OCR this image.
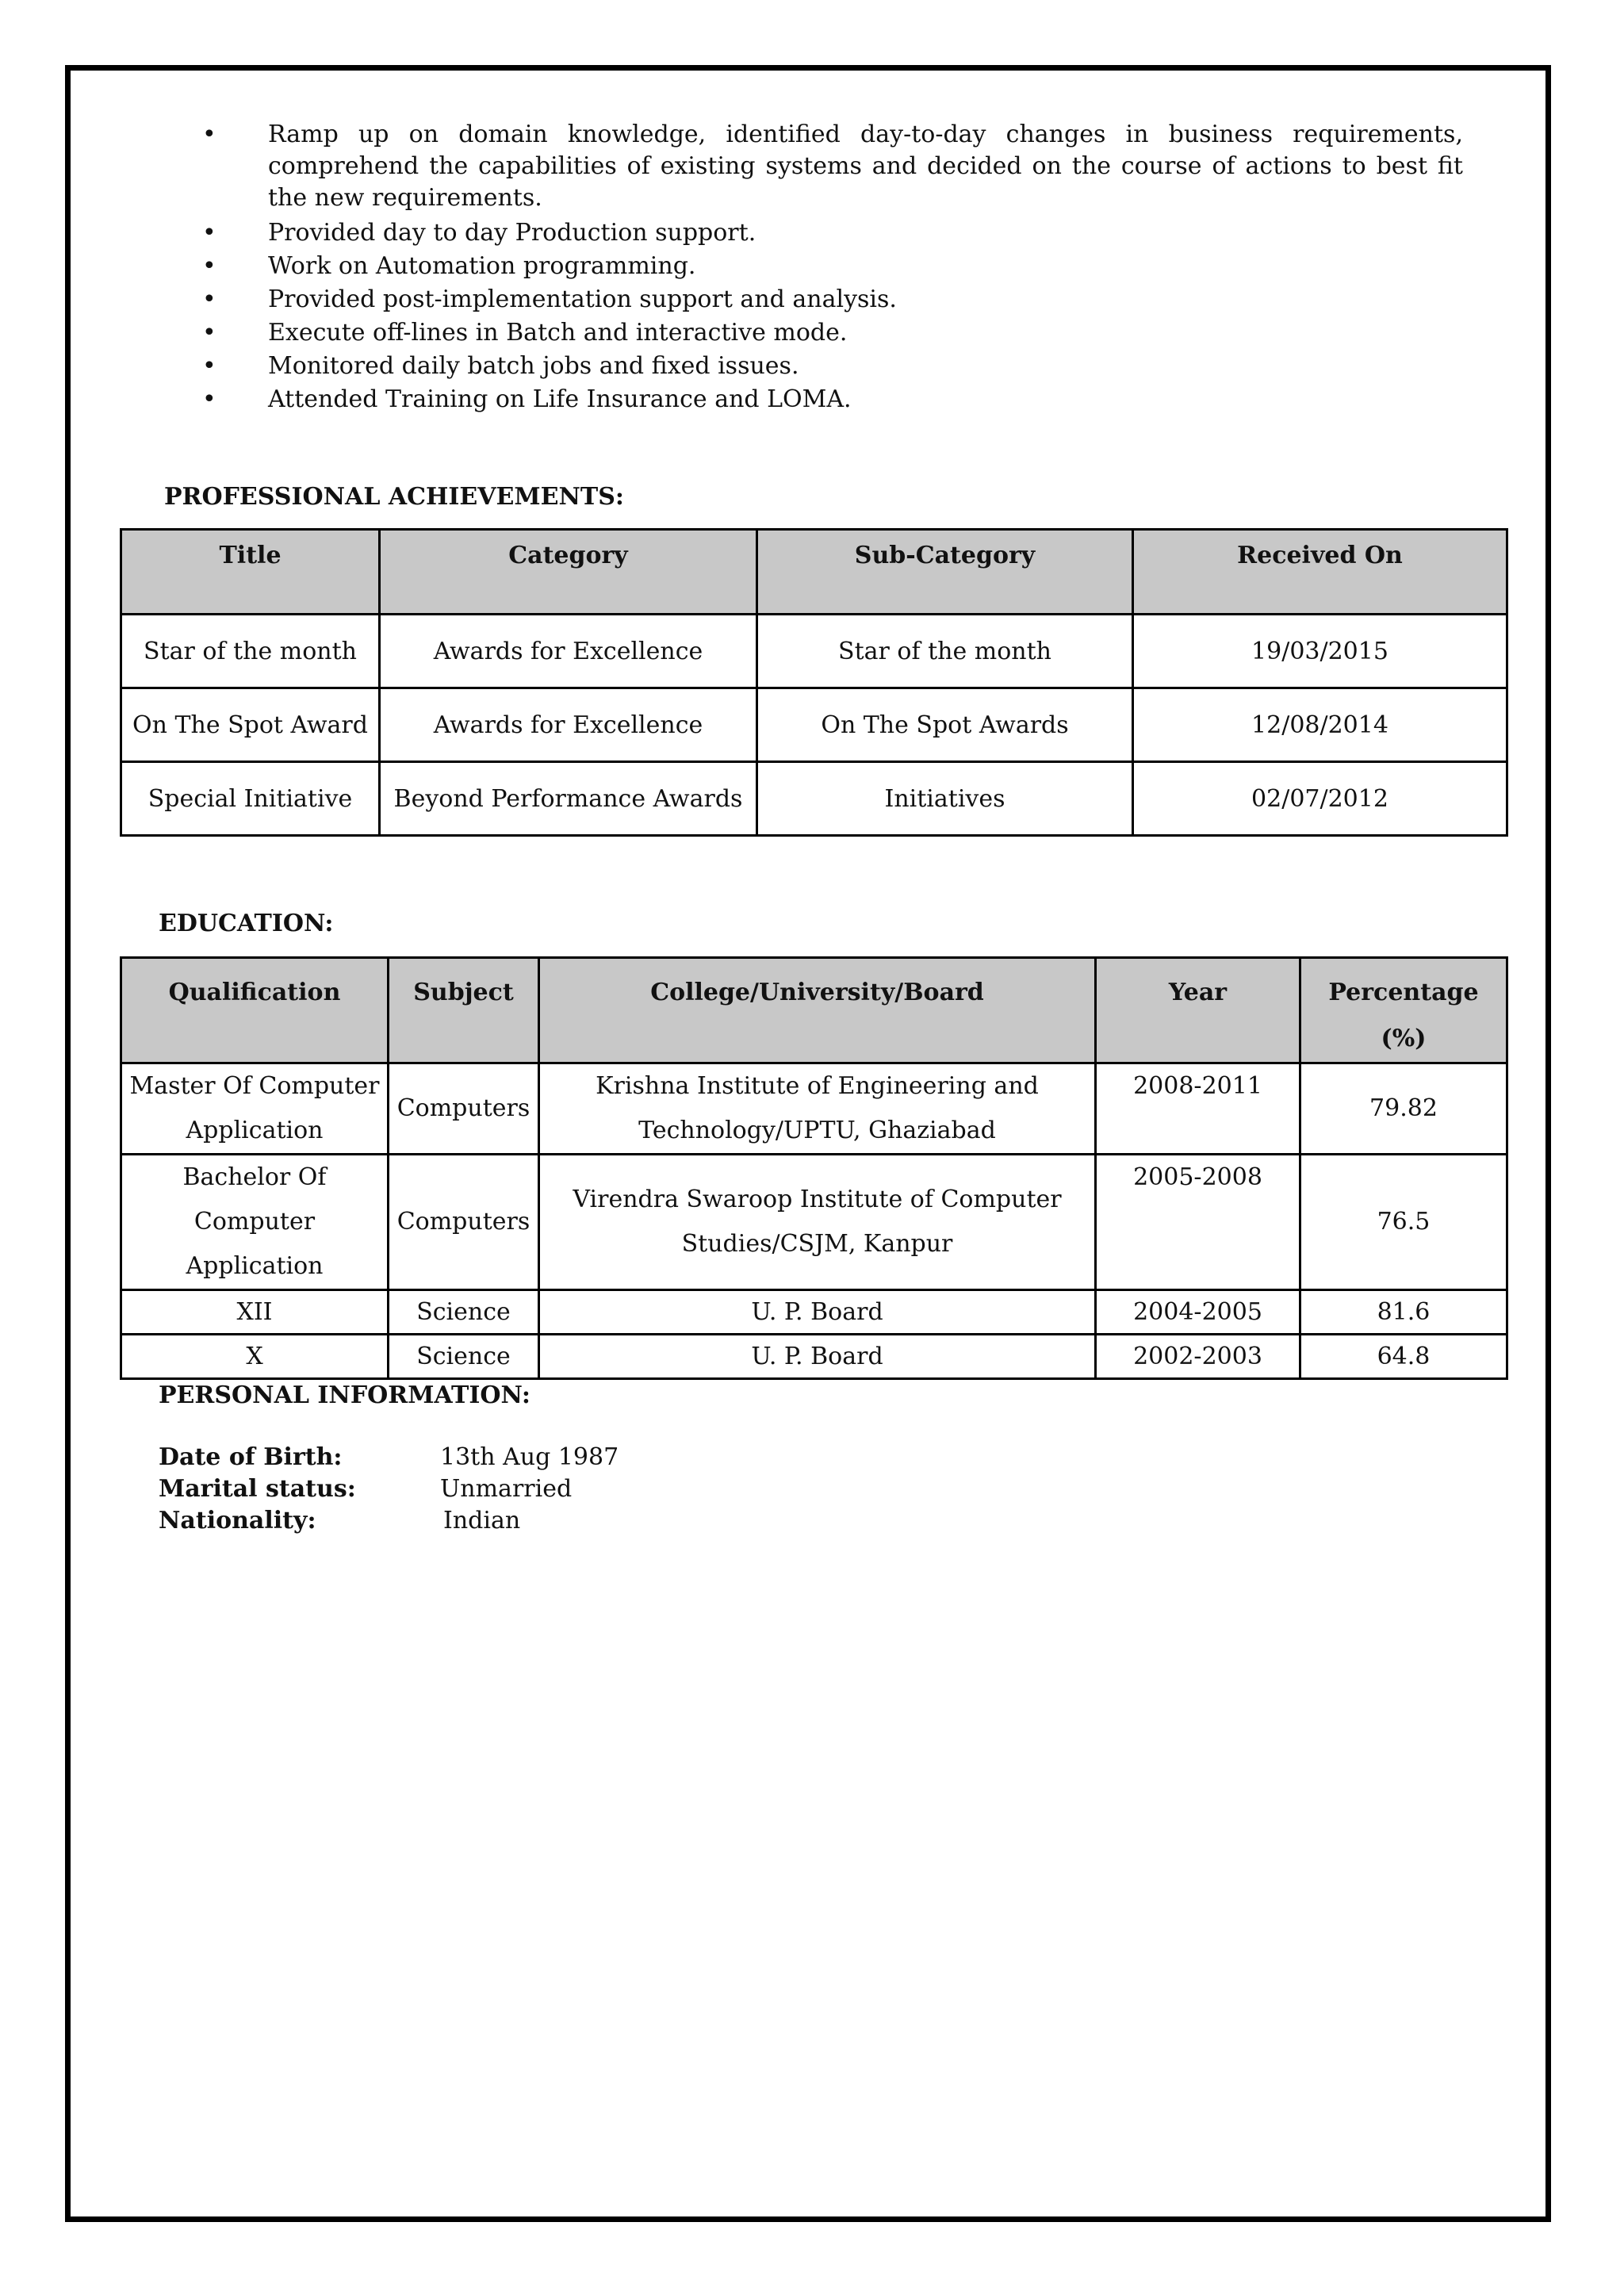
• Ramp up on domain knowledge, identified day-to-day changes in business requirements, comprehend the capabilities of existing systems and decided on the course of actions to best fit the new requirements.
• Provided day to day Production support.
• Work on Automation programming.
• Provided post-implementation support and analysis.
• Execute off-lines in Batch and interactive mode.
• Monitored daily batch jobs and fixed issues.
• Attended Training on Life Insurance and LOMA.
PROFESSIONAL ACHIEVEMENTS:
Title	Category	Sub-Category	Received On
Star of the month	Awards for Excellence	Star of the month	19/03/2015
On The Spot Award	Awards for Excellence	On The Spot Awards	12/08/2014
Special Initiative	Beyond Performance Awards	Initiatives	02/07/2012
EDUCATION:
Qualification	Subject	College/University/Board	Year	Percentage (%)
Master Of Computer Application	Computers	Krishna Institute of Engineering and Technology/UPTU, Ghaziabad	2008-2011	79.82
Bachelor Of Computer Application	Computers	Virendra Swaroop Institute of Computer Studies/CSJM, Kanpur	2005-2008	76.5
XII	Science	U. P. Board	2004-2005	81.6
X	Science	U. P. Board	2002-2003	64.8
PERSONAL INFORMATION:
Date of Birth:	13th Aug 1987
Marital status:	Unmarried
Nationality:	Indian
